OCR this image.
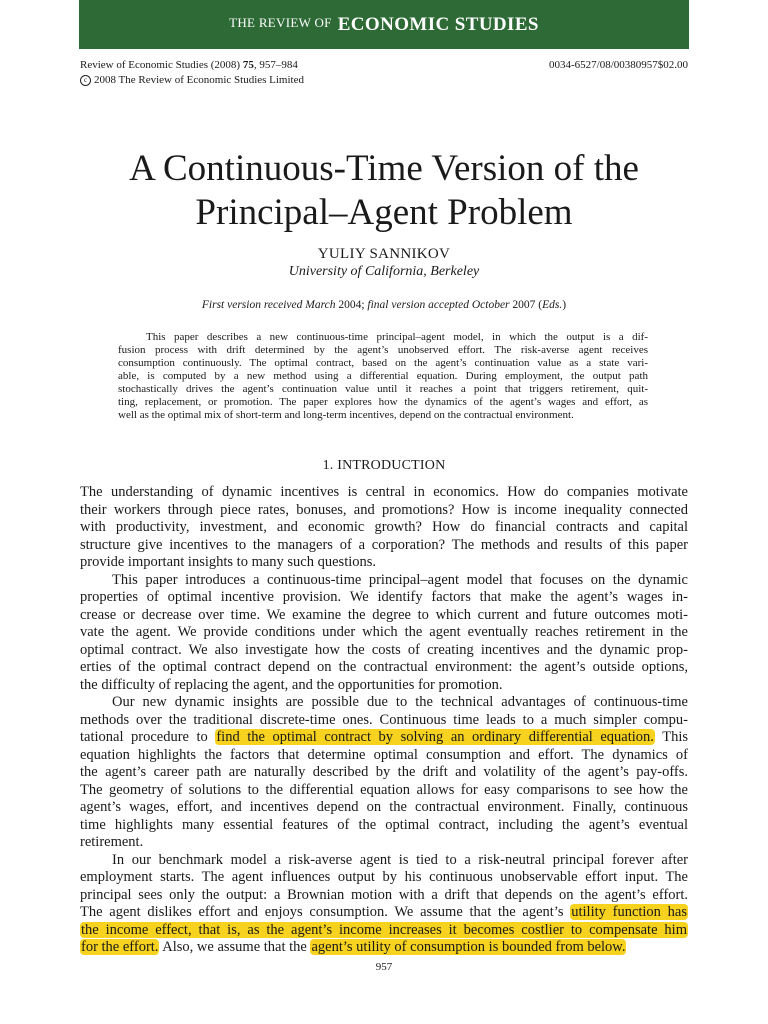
THE REVIEW OF ECONOMIC STUDIES
Review of Economic Studies (2008) 75, 957–984	0034-6527/08/00380957$02.00
c 2008 The Review of Economic Studies Limited
A Continuous-Time Version of the
Principal–Agent Problem
YULIY SANNIKOV
University of California, Berkeley
First version received March 2004; final version accepted October 2007 (Eds.)
This paper describes a new continuous-time principal–agent model, in which the output is a dif-
fusion process with drift determined by the agent’s unobserved effort. The risk-averse agent receives
consumption continuously. The optimal contract, based on the agent’s continuation value as a state vari-
able, is computed by a new method using a differential equation. During employment, the output path
stochastically drives the agent’s continuation value until it reaches a point that triggers retirement, quit-
ting, replacement, or promotion. The paper explores how the dynamics of the agent’s wages and effort, as
well as the optimal mix of short-term and long-term incentives, depend on the contractual environment.
1. INTRODUCTION
The understanding of dynamic incentives is central in economics. How do companies motivate
their workers through piece rates, bonuses, and promotions? How is income inequality connected
with productivity, investment, and economic growth? How do financial contracts and capital
structure give incentives to the managers of a corporation? The methods and results of this paper
provide important insights to many such questions.
This paper introduces a continuous-time principal–agent model that focuses on the dynamic
properties of optimal incentive provision. We identify factors that make the agent’s wages in-
crease or decrease over time. We examine the degree to which current and future outcomes moti-
vate the agent. We provide conditions under which the agent eventually reaches retirement in the
optimal contract. We also investigate how the costs of creating incentives and the dynamic prop-
erties of the optimal contract depend on the contractual environment: the agent’s outside options,
the difficulty of replacing the agent, and the opportunities for promotion.
Our new dynamic insights are possible due to the technical advantages of continuous-time
methods over the traditional discrete-time ones. Continuous time leads to a much simpler compu-
tational procedure to find the optimal contract by solving an ordinary differential equation. This
equation highlights the factors that determine optimal consumption and effort. The dynamics of
the agent’s career path are naturally described by the drift and volatility of the agent’s pay-offs.
The geometry of solutions to the differential equation allows for easy comparisons to see how the
agent’s wages, effort, and incentives depend on the contractual environment. Finally, continuous
time highlights many essential features of the optimal contract, including the agent’s eventual
retirement.
In our benchmark model a risk-averse agent is tied to a risk-neutral principal forever after
employment starts. The agent influences output by his continuous unobservable effort input. The
principal sees only the output: a Brownian motion with a drift that depends on the agent’s effort.
The agent dislikes effort and enjoys consumption. We assume that the agent’s utility function has
the income effect, that is, as the agent’s income increases it becomes costlier to compensate him
for the effort. Also, we assume that the agent’s utility of consumption is bounded from below.
957
